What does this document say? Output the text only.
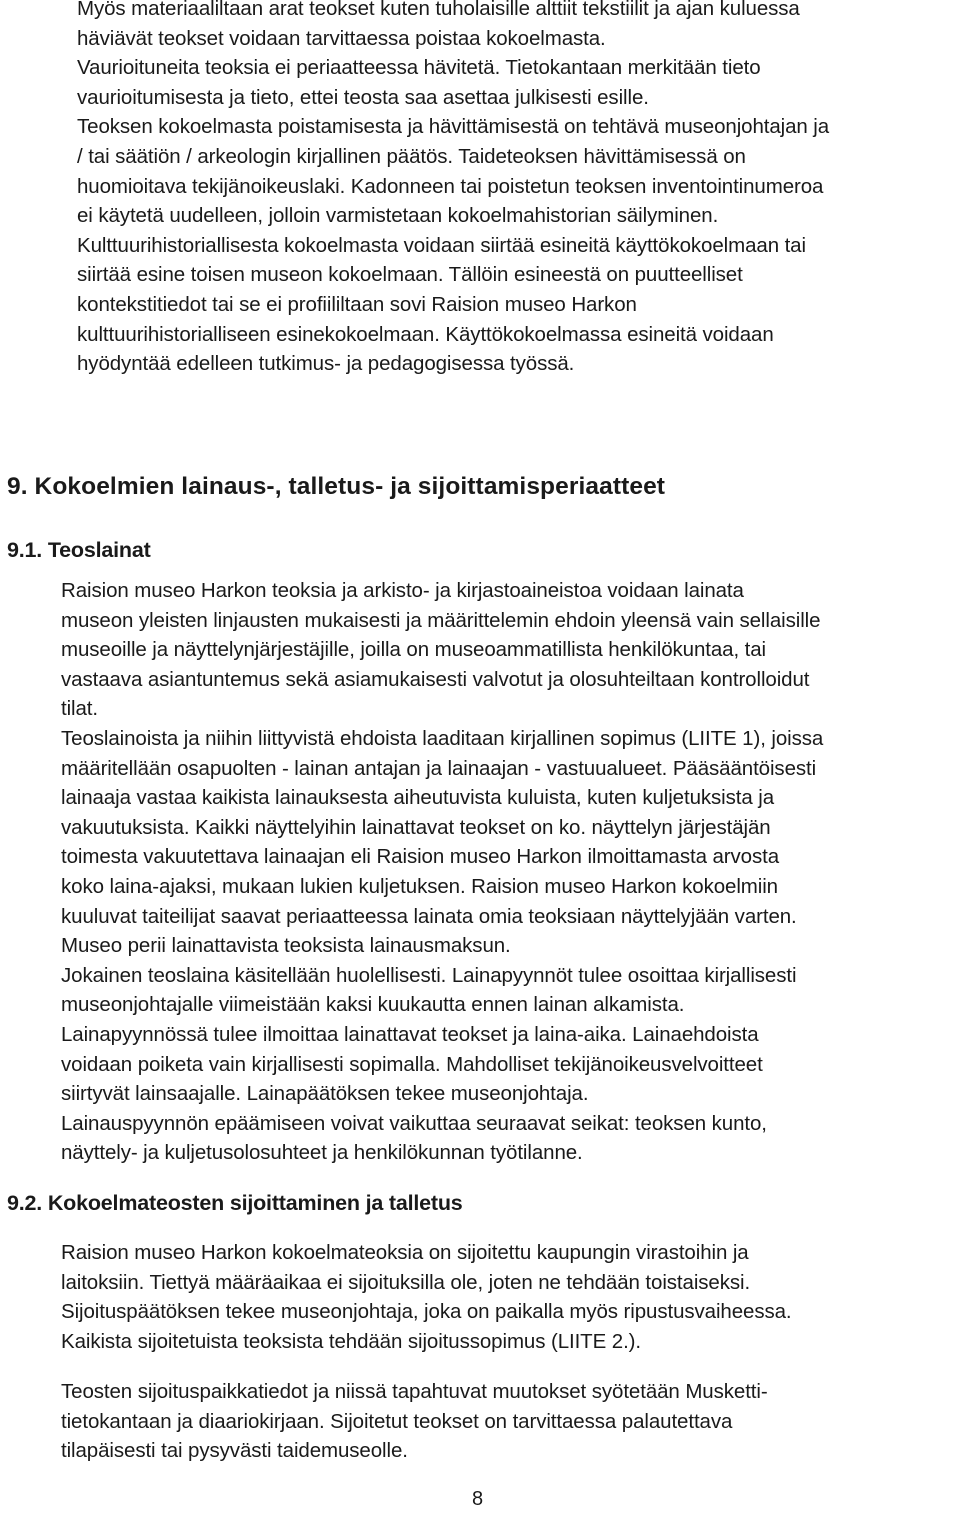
Myös materiaaliltaan arat teokset kuten tuholaisille alttiit tekstiilit ja ajan kuluessa
häviävät teokset voidaan tarvittaessa poistaa kokoelmasta.
Vaurioituneita teoksia ei periaatteessa hävitetä. Tietokantaan merkitään tieto
vaurioitumisesta ja tieto, ettei teosta saa asettaa julkisesti esille.
Teoksen kokoelmasta poistamisesta ja hävittämisestä on tehtävä museonjohtajan ja
/ tai säätiön / arkeologin kirjallinen päätös. Taideteoksen hävittämisessä on
huomioitava tekijänoikeuslaki. Kadonneen tai poistetun teoksen inventointinumeroa
ei käytetä uudelleen, jolloin varmistetaan kokoelmahistorian säilyminen.
Kulttuurihistoriallisesta kokoelmasta voidaan siirtää esineitä käyttökokoelmaan tai
siirtää esine toisen museon kokoelmaan. Tällöin esineestä on puutteelliset
kontekstitiedot tai se ei profiililtaan sovi Raision museo Harkon
kulttuurihistorialliseen esinekokoelmaan. Käyttökokoelmassa esineitä voidaan
hyödyntää edelleen tutkimus- ja pedagogisessa työssä.

9. Kokoelmien lainaus-, talletus- ja sijoittamisperiaatteet
9.1. Teoslainat

Raision museo Harkon teoksia ja arkisto- ja kirjastoaineistoa voidaan lainata
museon yleisten linjausten mukaisesti ja määrittelemin ehdoin yleensä vain sellaisille
museoille ja näyttelynjärjestäjille, joilla on museoammatillista henkilökuntaa, tai
vastaava asiantuntemus sekä asiamukaisesti valvotut ja olosuhteiltaan kontrolloidut
tilat.
Teoslainoista ja niihin liittyvistä ehdoista laaditaan kirjallinen sopimus (LIITE 1), joissa
määritellään osapuolten - lainan antajan ja lainaajan - vastuualueet. Pääsääntöisesti
lainaaja vastaa kaikista lainauksesta aiheutuvista kuluista, kuten kuljetuksista ja
vakuutuksista. Kaikki näyttelyihin lainattavat teokset on ko. näyttelyn järjestäjän
toimesta vakuutettava lainaajan eli Raision museo Harkon ilmoittamasta arvosta
koko laina-ajaksi, mukaan lukien kuljetuksen. Raision museo Harkon kokoelmiin
kuuluvat taiteilijat saavat periaatteessa lainata omia teoksiaan näyttelyjään varten.
Museo perii lainattavista teoksista lainausmaksun.
Jokainen teoslaina käsitellään huolellisesti. Lainapyynnöt tulee osoittaa kirjallisesti
museonjohtajalle viimeistään kaksi kuukautta ennen lainan alkamista.
Lainapyynnössä tulee ilmoittaa lainattavat teokset ja laina-aika. Lainaehdoista
voidaan poiketa vain kirjallisesti sopimalla. Mahdolliset tekijänoikeusvelvoitteet
siirtyvät lainsaajalle. Lainapäätöksen tekee museonjohtaja.
Lainauspyynnön epäämiseen voivat vaikuttaa seuraavat seikat: teoksen kunto,
näyttely- ja kuljetusolosuhteet ja henkilökunnan työtilanne.

9.2. Kokoelmateosten sijoittaminen ja talletus

Raision museo Harkon kokoelmateoksia on sijoitettu kaupungin virastoihin ja
laitoksiin. Tiettyä määräaikaa ei sijoituksilla ole, joten ne tehdään toistaiseksi.
Sijoituspäätöksen tekee museonjohtaja, joka on paikalla myös ripustusvaiheessa.
Kaikista sijoitetuista teoksista tehdään sijoitussopimus (LIITE 2.).

Teosten sijoituspaikkatiedot ja niissä tapahtuvat muutokset syötetään Musketti-
tietokantaan ja diaariokirjaan. Sijoitetut teokset on tarvittaessa palautettava
tilapäisesti tai pysyvästi taidemuseolle.

8
